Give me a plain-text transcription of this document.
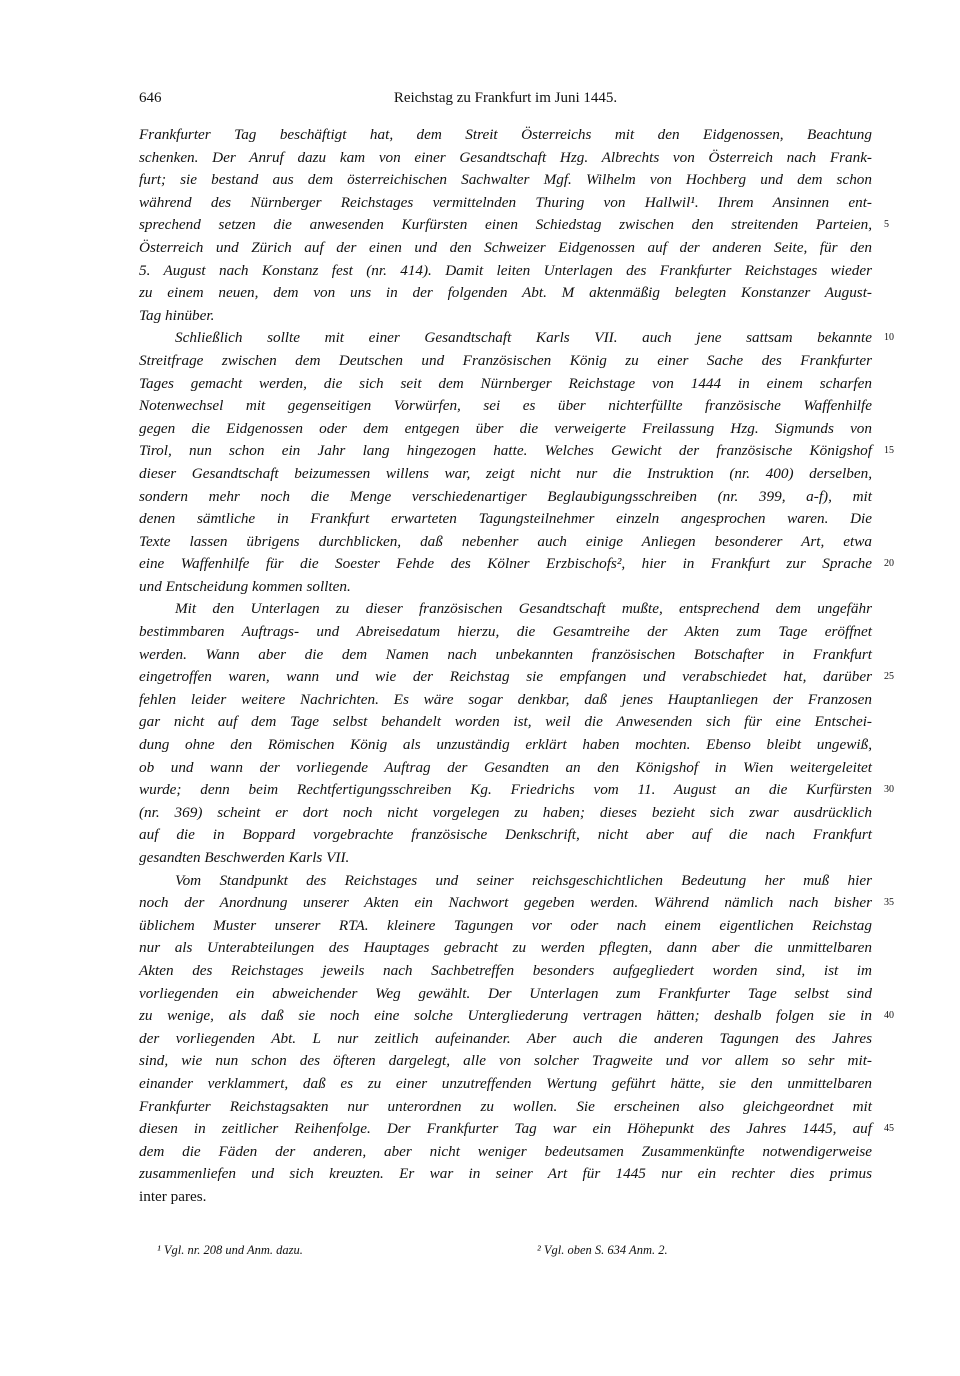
646	Reichstag zu Frankfurt im Juni 1445.
Frankfurter Tag beschäftigt hat, dem Streit Österreichs mit den Eidgenossen, Beachtung
schenken. Der Anruf dazu kam von einer Gesandtschaft Hzg. Albrechts von Österreich nach Frank-
furt; sie bestand aus dem österreichischen Sachwalter Mgf. Wilhelm von Hochberg und dem schon
während des Nürnberger Reichstages vermittelnden Thuring von Hallwil¹. Ihrem Ansinnen ent-
sprechend setzen die anwesenden Kurfürsten einen Schiedstag zwischen den streitenden Parteien, 5
Österreich und Zürich auf der einen und den Schweizer Eidgenossen auf der anderen Seite, für den
5. August nach Konstanz fest (nr. 414). Damit leiten Unterlagen des Frankfurter Reichstages wieder
zu einem neuen, dem von uns in der folgenden Abt. M aktenmäßig belegten Konstanzer August-
Tag hinüber.
Schließlich sollte mit einer Gesandtschaft Karls VII. auch jene sattsam bekannte 10
Streitfrage zwischen dem Deutschen und Französischen König zu einer Sache des Frankfurter
Tages gemacht werden, die sich seit dem Nürnberger Reichstage von 1444 in einem scharfen
Notenwechsel mit gegenseitigen Vorwürfen, sei es über nichterfüllte französische Waffenhilfe
gegen die Eidgenossen oder dem entgegen über die verweigerte Freilassung Hzg. Sigmunds von
Tirol, nun schon ein Jahr lang hingezogen hatte. Welches Gewicht der französische Königshof 15
dieser Gesandtschaft beizumessen willens war, zeigt nicht nur die Instruktion (nr. 400) derselben,
sondern mehr noch die Menge verschiedenartiger Beglaubigungsschreiben (nr. 399, a-f), mit
denen sämtliche in Frankfurt erwarteten Tagungsteilnehmer einzeln angesprochen waren. Die
Texte lassen übrigens durchblicken, daß nebenher auch einige Anliegen besonderer Art, etwa
eine Waffenhilfe für die Soester Fehde des Kölner Erzbischofs², hier in Frankfurt zur Sprache 20
und Entscheidung kommen sollten.
Mit den Unterlagen zu dieser französischen Gesandtschaft mußte, entsprechend dem ungefähr
bestimmbaren Auftrags- und Abreisedatum hierzu, die Gesamtreihe der Akten zum Tage eröffnet
werden. Wann aber die dem Namen nach unbekannten französischen Botschafter in Frankfurt
eingetroffen waren, wann und wie der Reichstag sie empfangen und verabschiedet hat, darüber 25
fehlen leider weitere Nachrichten. Es wäre sogar denkbar, daß jenes Hauptanliegen der Franzosen
gar nicht auf dem Tage selbst behandelt worden ist, weil die Anwesenden sich für eine Entschei-
dung ohne den Römischen König als unzuständig erklärt haben mochten. Ebenso bleibt ungewiß,
ob und wann der vorliegende Auftrag der Gesandten an den Königshof in Wien weitergeleitet
wurde; denn beim Rechtfertigungsschreiben Kg. Friedrichs vom 11. August an die Kurfürsten 30
(nr. 369) scheint er dort noch nicht vorgelegen zu haben; dieses bezieht sich zwar ausdrücklich
auf die in Boppard vorgebrachte französische Denkschrift, nicht aber auf die nach Frankfurt
gesandten Beschwerden Karls VII.
Vom Standpunkt des Reichstages und seiner reichsgeschichtlichen Bedeutung her muß hier
noch der Anordnung unserer Akten ein Nachwort gegeben werden. Während nämlich nach bisher 35
üblichem Muster unserer RTA. kleinere Tagungen vor oder nach einem eigentlichen Reichstag
nur als Unterabteilungen des Hauptages gebracht zu werden pflegten, dann aber die unmittelbaren
Akten des Reichstages jeweils nach Sachbetreffen besonders aufgegliedert worden sind, ist im
vorliegenden ein abweichender Weg gewählt. Der Unterlagen zum Frankfurter Tage selbst sind
zu wenige, als daß sie noch eine solche Untergliederung vertragen hätten; deshalb folgen sie in 40
der vorliegenden Abt. L nur zeitlich aufeinander. Aber auch die anderen Tagungen des Jahres
sind, wie nun schon des öfteren dargelegt, alle von solcher Tragweite und vor allem so sehr mit-
einander verklammert, daß es zu einer unzutreffenden Wertung geführt hätte, sie den unmittelbaren
Frankfurter Reichstagsakten nur unterordnen zu wollen. Sie erscheinen also gleichgeordnet mit
diesen in zeitlicher Reihenfolge. Der Frankfurter Tag war ein Höhepunkt des Jahres 1445, auf 45
dem die Fäden der anderen, aber nicht weniger bedeutsamen Zusammenkünfte notwendigerweise
zusammenliefen und sich kreuzten. Er war in seiner Art für 1445 nur ein rechter dies primus
inter pares.
¹ Vgl. nr. 208 und Anm. dazu.	² Vgl. oben S. 634 Anm. 2.
